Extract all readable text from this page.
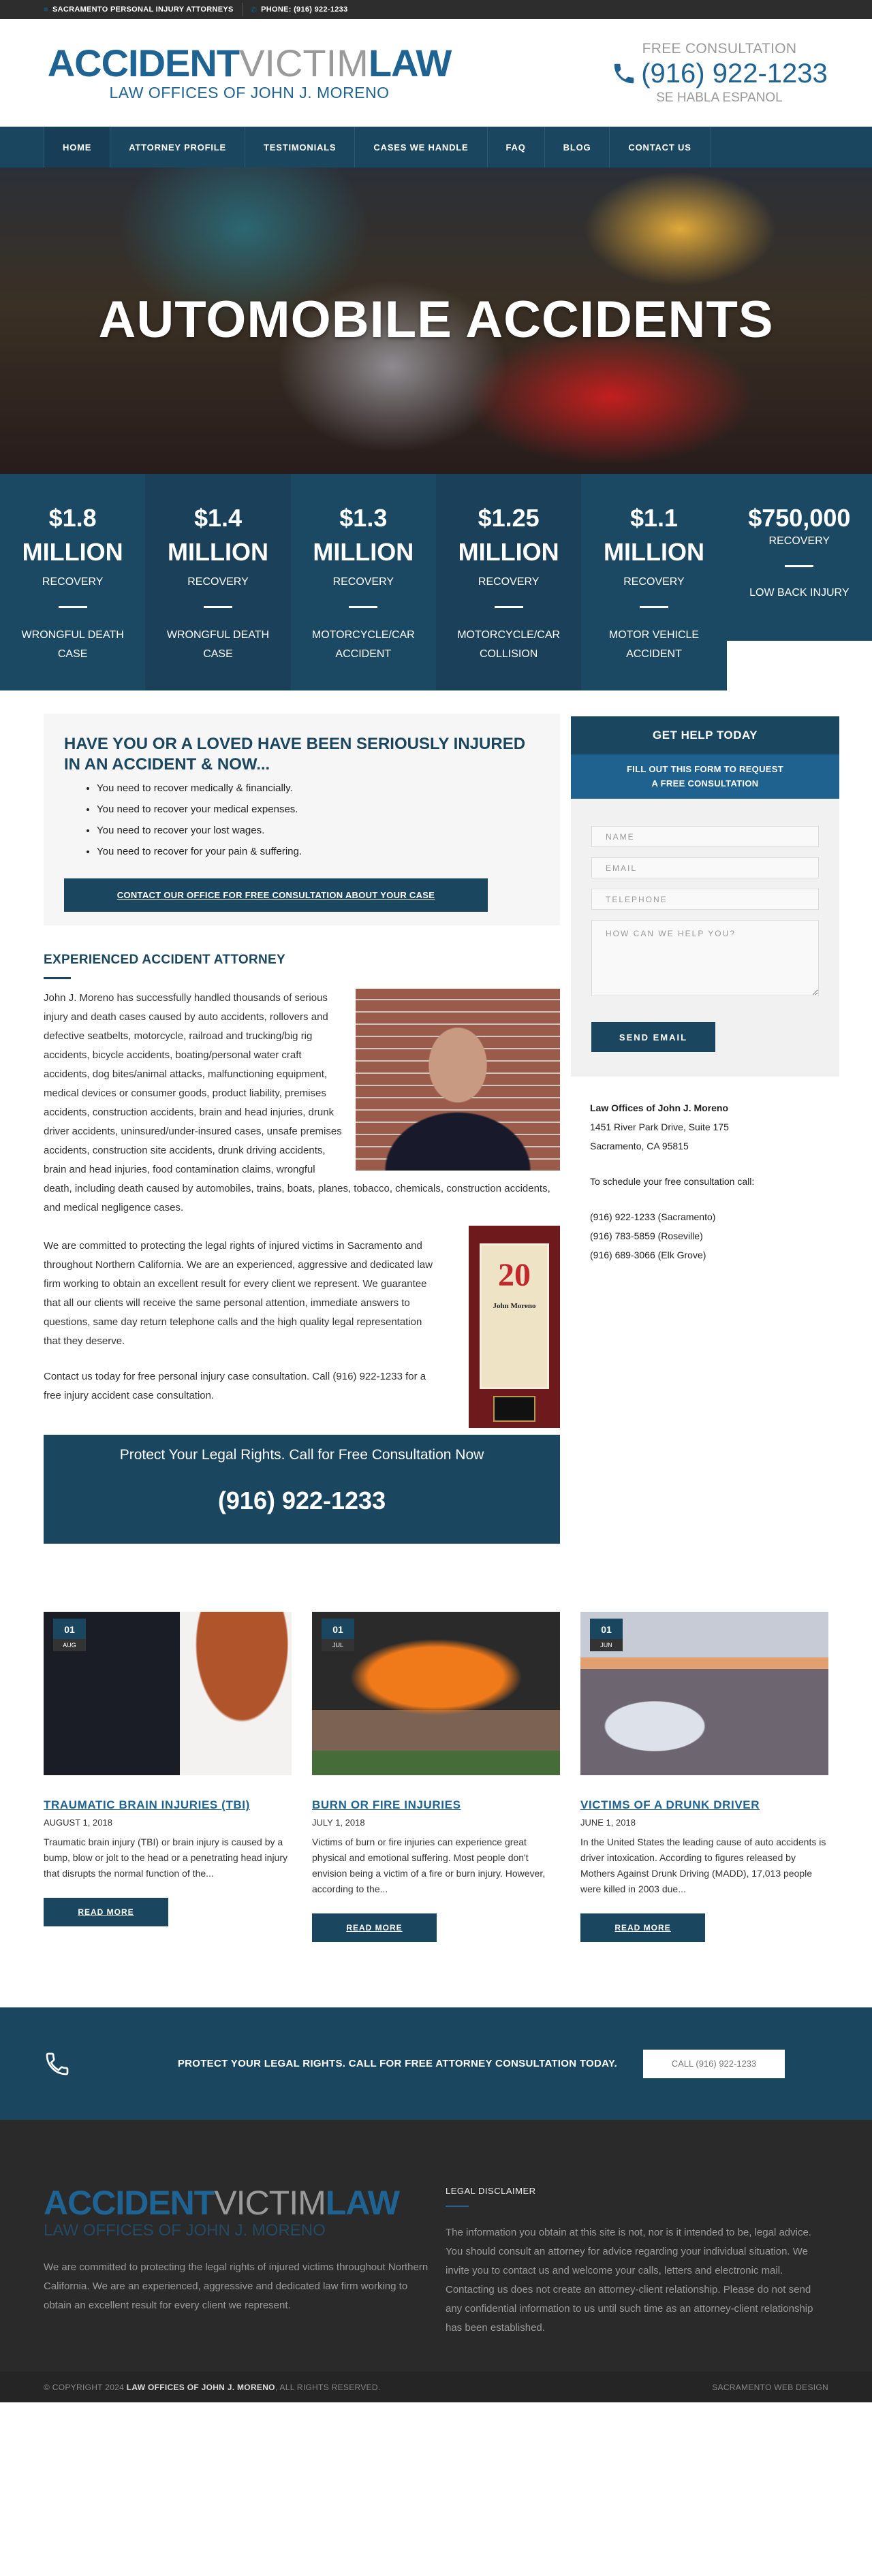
■ SACRAMENTO PERSONAL INJURY ATTORNEYS ✆ PHONE: (916) 922-1233
ACCIDENTVICTIMLAW
LAW OFFICES OF JOHN J. MORENO
FREE CONSULTATION
(916) 922-1233
SE HABLA ESPANOL
HOME	ATTORNEY PROFILE	TESTIMONIALS	CASES WE HANDLE	FAQ	BLOG	CONTACT US
AUTOMOBILE ACCIDENTS
$1.8
MILLION
RECOVERY
WRONGFUL DEATH
CASE
$1.4
MILLION
RECOVERY
WRONGFUL DEATH
CASE
$1.3
MILLION
RECOVERY
MOTORCYCLE/CAR
ACCIDENT
$1.25
MILLION
RECOVERY
MOTORCYCLE/CAR
COLLISION
$1.1
MILLION
RECOVERY
MOTOR VEHICLE
ACCIDENT
$750,000
RECOVERY
LOW BACK INJURY
HAVE YOU OR A LOVED HAVE BEEN SERIOUSLY INJURED IN AN ACCIDENT & NOW...
• You need to recover medically & financially.
• You need to recover your medical expenses.
• You need to recover your lost wages.
• You need to recover for your pain & suffering.
CONTACT OUR OFFICE FOR FREE CONSULTATION ABOUT YOUR CASE
EXPERIENCED ACCIDENT ATTORNEY

John J. Moreno has successfully handled thousands of serious injury and death cases caused by auto accidents, rollovers and defective seatbelts, motorcycle, railroad and trucking/big rig accidents, bicycle accidents, boating/personal water craft accidents, dog bites/animal attacks, malfunctioning equipment, medical devices or consumer goods, product liability, premises accidents, construction accidents, brain and head injuries, drunk driver accidents, uninsured/under-insured cases, unsafe premises accidents, construction site accidents, drunk driving accidents, brain and head injuries, food contamination claims, wrongful death, including death caused by automobiles, trains, boats, planes, tobacco, chemicals, construction accidents, and medical negligence cases.

20
John Moreno

We are committed to protecting the legal rights of injured victims in Sacramento and throughout Northern California. We are an experienced, aggressive and dedicated law firm working to obtain an excellent result for every client we represent. We guarantee that all our clients will receive the same personal attention, immediate answers to questions, same day return telephone calls and the high quality legal representation that they deserve.

Contact us today for free personal injury case consultation. Call (916) 922-1233 for a free injury accident case consultation.

Protect Your Legal Rights. Call for Free Consultation Now
(916) 922-1233
GET HELP TODAY
FILL OUT THIS FORM TO REQUEST
A FREE CONSULTATION
NAME
EMAIL
TELEPHONE
HOW CAN WE HELP YOU? SEND EMAIL
Law Offices of John J. Moreno
1451 River Park Drive, Suite 175
Sacramento, CA 95815
To schedule your free consultation call:
(916) 922-1233 (Sacramento)
(916) 783-5859 (Roseville)
(916) 689-3066 (Elk Grove)
01
AUG
TRAUMATIC BRAIN INJURIES (TBI)
AUGUST 1, 2018

Traumatic brain injury (TBI) or brain injury is caused by a bump, blow or jolt to the head or a penetrating head injury that disrupts the normal function of the...

READ MORE
01
JUL
BURN OR FIRE INJURIES
JULY 1, 2018

Victims of burn or fire injuries can experience great physical and emotional suffering. Most people don't envision being a victim of a fire or burn injury. However, according to the...

READ MORE
01
JUN
VICTIMS OF A DRUNK DRIVER
JUNE 1, 2018

In the United States the leading cause of auto accidents is driver intoxication. According to figures released by Mothers Against Drunk Driving (MADD), 17,013 people were killed in 2003 due...

READ MORE
PROTECT YOUR LEGAL RIGHTS. CALL FOR FREE ATTORNEY CONSULTATION TODAY.	CALL (916) 922-1233
ACCIDENTVICTIMLAW
LAW OFFICES OF JOHN J. MORENO

We are committed to protecting the legal rights of injured victims throughout Northern California. We are an experienced, aggressive and dedicated law firm working to obtain an excellent result for every client we represent.

LEGAL DISCLAIMER

The information you obtain at this site is not, nor is it intended to be, legal advice. You should consult an attorney for advice regarding your individual situation. We invite you to contact us and welcome your calls, letters and electronic mail. Contacting us does not create an attorney-client relationship. Please do not send any confidential information to us until such time as an attorney-client relationship has been established.

© COPYRIGHT 2024 LAW OFFICES OF JOHN J. MORENO, ALL RIGHTS RESERVED.	SACRAMENTO WEB DESIGN
